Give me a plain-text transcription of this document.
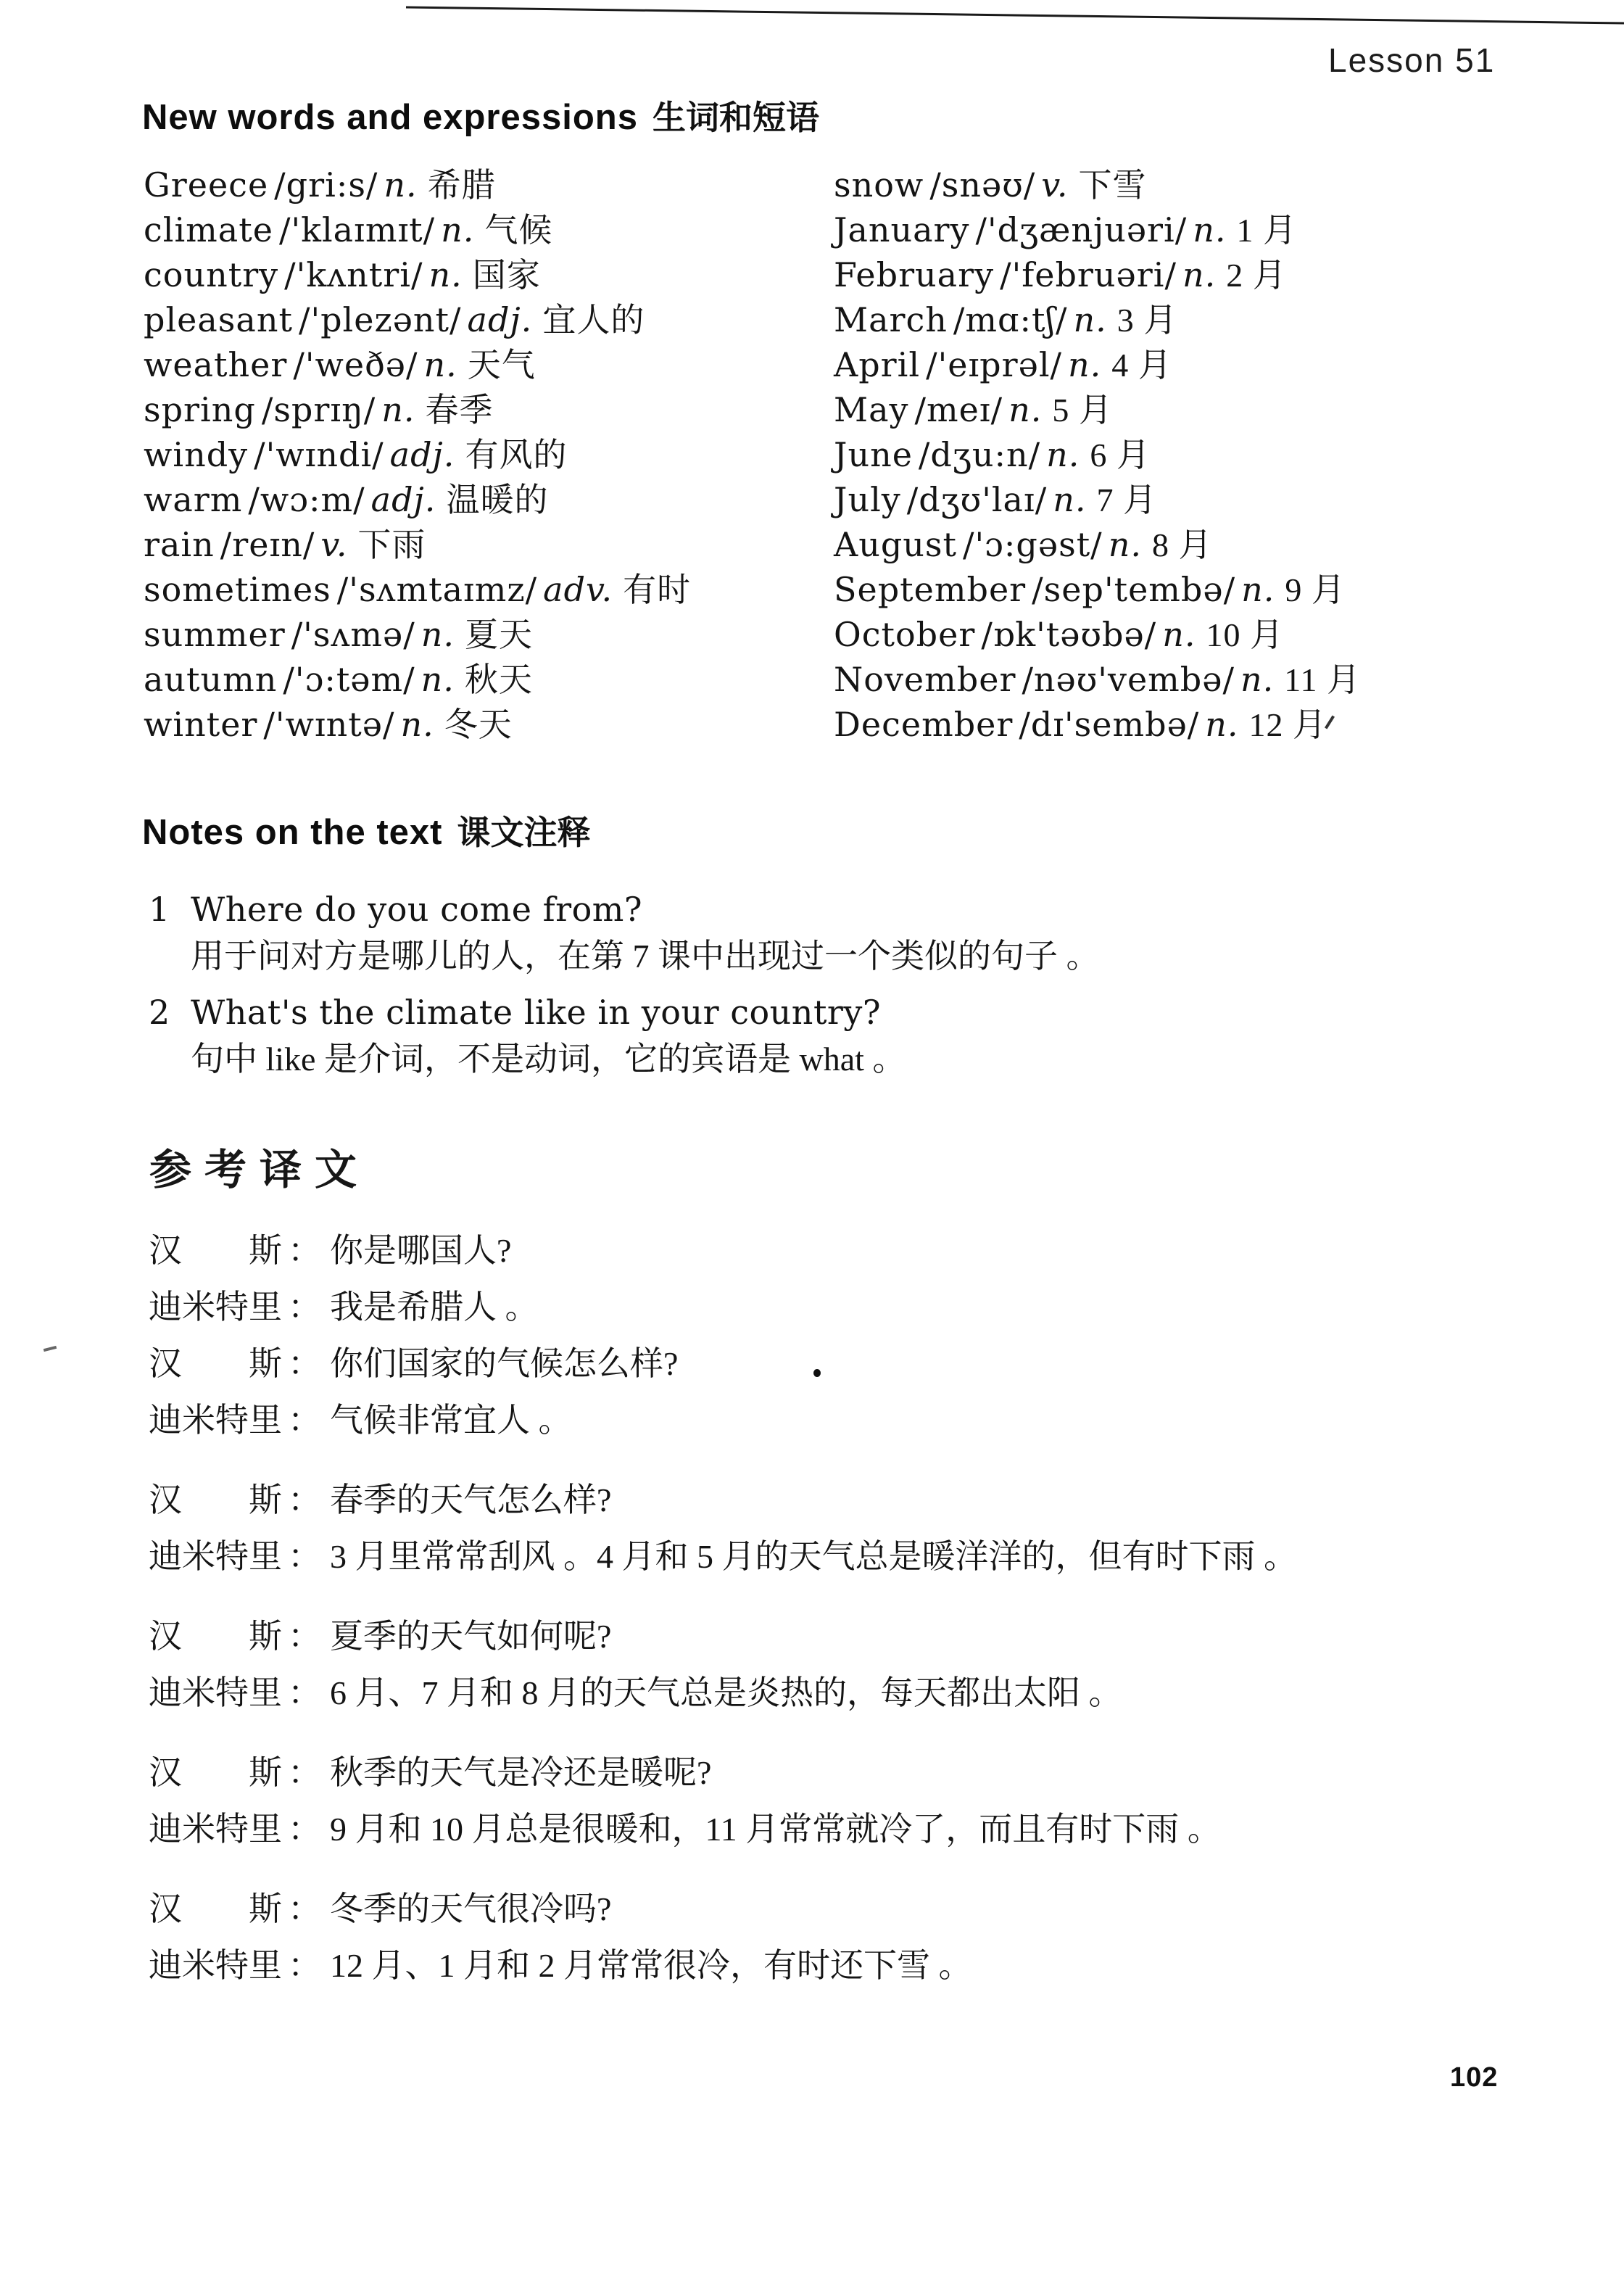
Lesson 51
New words and expressions 生词和短语
Greece /gri:s/ n. 希腊
climate /'klaɪmɪt/ n. 气候
country /'kʌntri/ n. 国家
pleasant /'plezənt/ adj. 宜人的
weather /'weðə/ n. 天气
spring /sprɪŋ/ n. 春季
windy /'wɪndi/ adj. 有风的
warm /wɔ:m/ adj. 温暖的
rain /reɪn/ v. 下雨
sometimes /'sʌmtaɪmz/ adv. 有时
summer /'sʌmə/ n. 夏天
autumn /'ɔ:təm/ n. 秋天
winter /'wɪntə/ n. 冬天
snow /snəʊ/ v. 下雪
January /'dʒænjuəri/ n. 1 月
February /'februəri/ n. 2 月
March /mɑ:tʃ/ n. 3 月
April /'eɪprəl/ n. 4 月
May /meɪ/ n. 5 月
June /dʒu:n/ n. 6 月
July /dʒʊ'laɪ/ n. 7 月
August /'ɔ:gəst/ n. 8 月
September /sep'tembə/ n. 9 月
October /ɒk'təʊbə/ n. 10 月
November /nəʊ'vembə/ n. 11 月
December /dɪ'sembə/ n. 12 月
Notes on the text 课文注释
1 Where do you come from?
用于问对方是哪儿的人，在第 7 课中出现过一个类似的句子 。
2 What's the climate like in your country?
句中 like 是介词，不是动词，它的宾语是 what 。
参考译文
汉　　斯 ： 你是哪国人?
迪米特里 ： 我是希腊人 。
汉　　斯 ： 你们国家的气候怎么样?
迪米特里 ： 气候非常宜人 。
汉　　斯 ： 春季的天气怎么样?
迪米特里 ： 3 月里常常刮风 。4 月和 5 月的天气总是暖洋洋的，但有时下雨 。
汉　　斯 ： 夏季的天气如何呢?
迪米特里 ： 6 月、7 月和 8 月的天气总是炎热的，每天都出太阳 。
汉　　斯 ： 秋季的天气是冷还是暖呢?
迪米特里 ： 9 月和 10 月总是很暖和，11 月常常就冷了，而且有时下雨 。
汉　　斯 ： 冬季的天气很冷吗?
迪米特里 ： 12 月、1 月和 2 月常常很冷，有时还下雪 。
102
